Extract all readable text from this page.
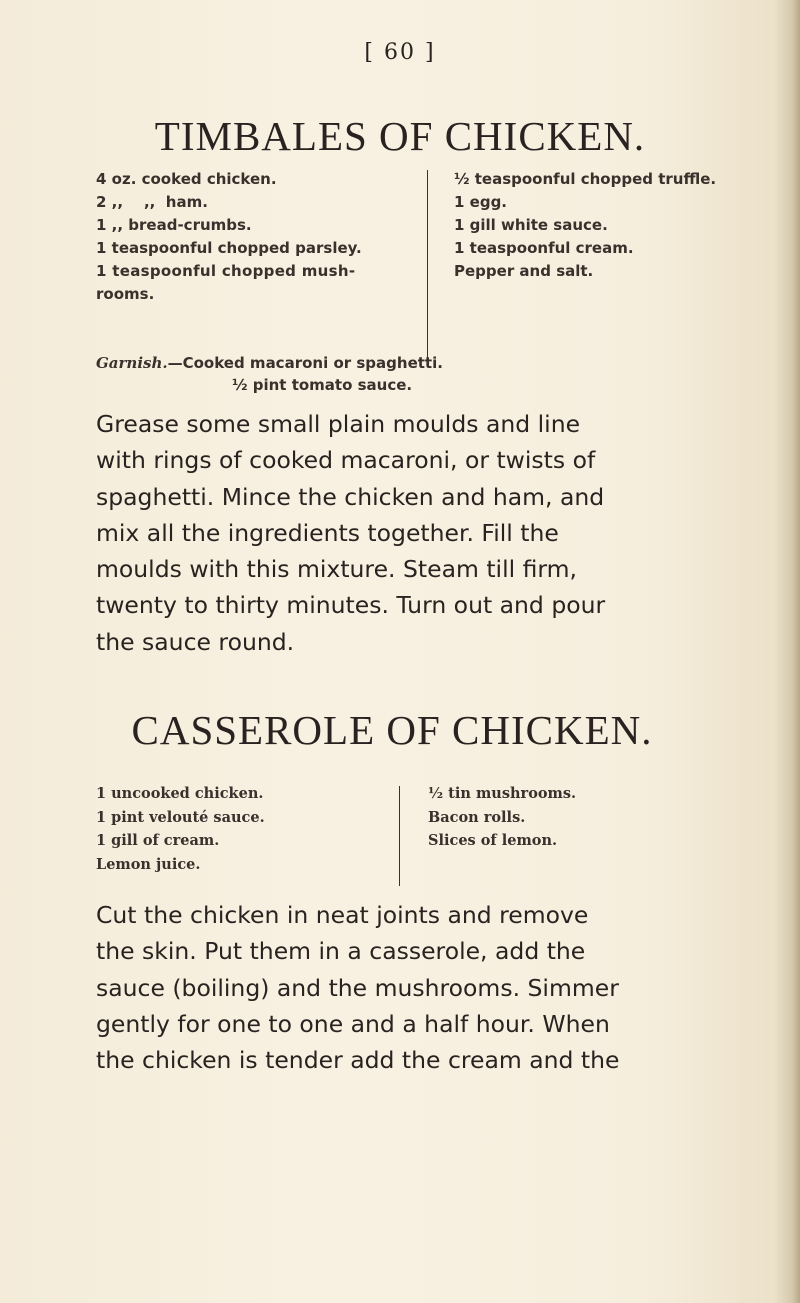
[ 60 ]
TIMBALES OF CHICKEN.
4 oz. cooked chicken.
2 ,,    ,,  ham.
1 ,, bread-crumbs.
1 teaspoonful chopped parsley.
1 teaspoonful chopped mush-
rooms.
½ teaspoonful chopped truffle.
1 egg.
1 gill white sauce.
1 teaspoonful cream.
Pepper and salt.
Garnish.—Cooked macaroni or spaghetti.
½ pint tomato sauce.
Grease some small plain moulds and line
with rings of cooked macaroni, or twists of
spaghetti. Mince the chicken and ham, and
mix all the ingredients together. Fill the
moulds with this mixture. Steam till firm,
twenty to thirty minutes. Turn out and pour
the sauce round.
CASSEROLE OF CHICKEN.
1 uncooked chicken.
1 pint velouté sauce.
1 gill of cream.
Lemon juice.
½ tin mushrooms.
Bacon rolls.
Slices of lemon.
Cut the chicken in neat joints and remove
the skin. Put them in a casserole, add the
sauce (boiling) and the mushrooms. Simmer
gently for one to one and a half hour. When
the chicken is tender add the cream and the
